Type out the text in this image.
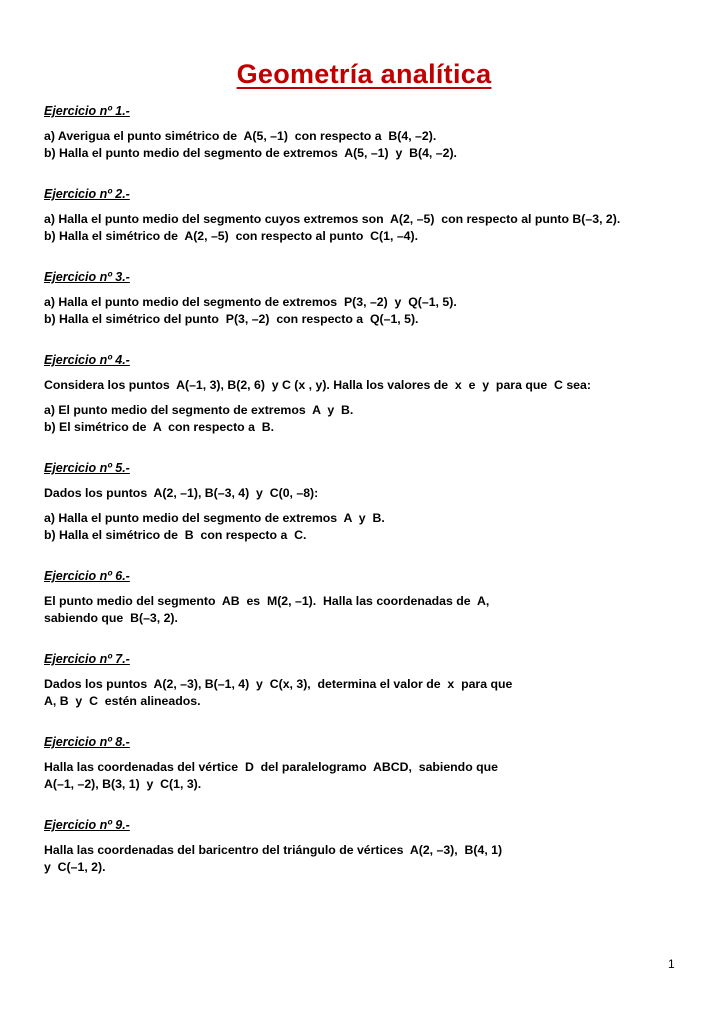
Geometría analítica
Ejercicio nº 1.-
a) Averigua el punto simétrico de  A(5, –1)  con respecto a  B(4, –2).
b) Halla el punto medio del segmento de extremos  A(5, –1)  y  B(4, –2).
Ejercicio nº 2.-
a) Halla el punto medio del segmento cuyos extremos son  A(2, –5)  con respecto al punto B(–3, 2).
b) Halla el simétrico de  A(2, –5)  con respecto al punto  C(1, –4).
Ejercicio nº 3.-
a) Halla el punto medio del segmento de extremos  P(3, –2)  y  Q(–1, 5).
b) Halla el simétrico del punto  P(3, –2)  con respecto a  Q(–1, 5).
Ejercicio nº 4.-
Considera los puntos  A(–1, 3), B(2, 6)  y C (x , y). Halla los valores de  x  e  y  para que  C sea:
a) El punto medio del segmento de extremos  A  y  B.
b) El simétrico de  A  con respecto a  B.
Ejercicio nº 5.-
Dados los puntos  A(2, –1), B(–3, 4)  y  C(0, –8):
a) Halla el punto medio del segmento de extremos  A  y  B.
b) Halla el simétrico de  B  con respecto a  C.
Ejercicio nº 6.-
El punto medio del segmento  AB  es  M(2, –1).  Halla las coordenadas de  A,
sabiendo que  B(–3, 2).
Ejercicio nº 7.-
Dados los puntos  A(2, –3), B(–1, 4)  y  C(x, 3),  determina el valor de  x  para que
A, B  y  C  estén alineados.
Ejercicio nº 8.-
Halla las coordenadas del vértice  D  del paralelogramo  ABCD,  sabiendo que
A(–1, –2), B(3, 1)  y  C(1, 3).
Ejercicio nº 9.-
Halla las coordenadas del baricentro del triángulo de vértices  A(2, –3),  B(4, 1)
y  C(–1, 2).
1
